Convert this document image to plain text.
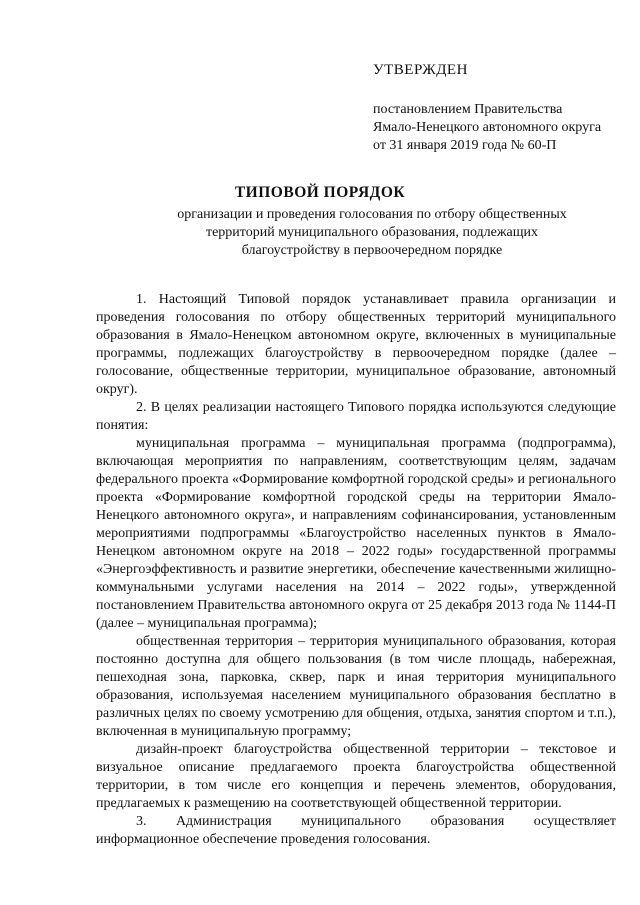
УТВЕРЖДЕН
постановлением Правительства
Ямало-Ненецкого автономного округа
от 31 января 2019 года № 60-П
ТИПОВОЙ ПОРЯДОК
организации и проведения голосования по отбору общественных
территорий муниципального образования, подлежащих
благоустройству в первоочередном порядке

1. Настоящий Типовой порядок устанавливает правила организации и проведения голосования по отбору общественных территорий муниципального образования в Ямало-Ненецком автономном округе, включенных в муниципальные программы, подлежащих благоустройству в первоочередном порядке (далее – голосование, общественные территории, муниципальное образование, автономный округ).

2. В целях реализации настоящего Типового порядка используются следующие понятия:

муниципальная программа – муниципальная программа (подпрограмма), включающая мероприятия по направлениям, соответствующим целям, задачам федерального проекта «Формирование комфортной городской среды» и регионального проекта «Формирование комфортной городской среды на территории Ямало-Ненецкого автономного округа», и направлениям софинансирования, установленным мероприятиями подпрограммы «Благоустройство населенных пунктов в Ямало-Ненецком автономном округе на 2018 – 2022 годы» государственной программы «Энергоэффективность и развитие энергетики, обеспечение качественными жилищно-коммунальными услугами населения на 2014 – 2022 годы», утвержденной постановлением Правительства автономного округа от 25 декабря 2013 года № 1144-П (далее – муниципальная программа);

общественная территория – территория муниципального образования, которая постоянно доступна для общего пользования (в том числе площадь, набережная, пешеходная зона, парковка, сквер, парк и иная территория муниципального образования, используемая населением муниципального образования бесплатно в различных целях по своему усмотрению для общения, отдыха, занятия спортом и т.п.), включенная в муниципальную программу;

дизайн-проект благоустройства общественной территории – текстовое и визуальное описание предлагаемого проекта благоустройства общественной территории, в том числе его концепция и перечень элементов, оборудования, предлагаемых к размещению на соответствующей общественной территории.

3. Администрация муниципального образования осуществляет информационное обеспечение проведения голосования.
